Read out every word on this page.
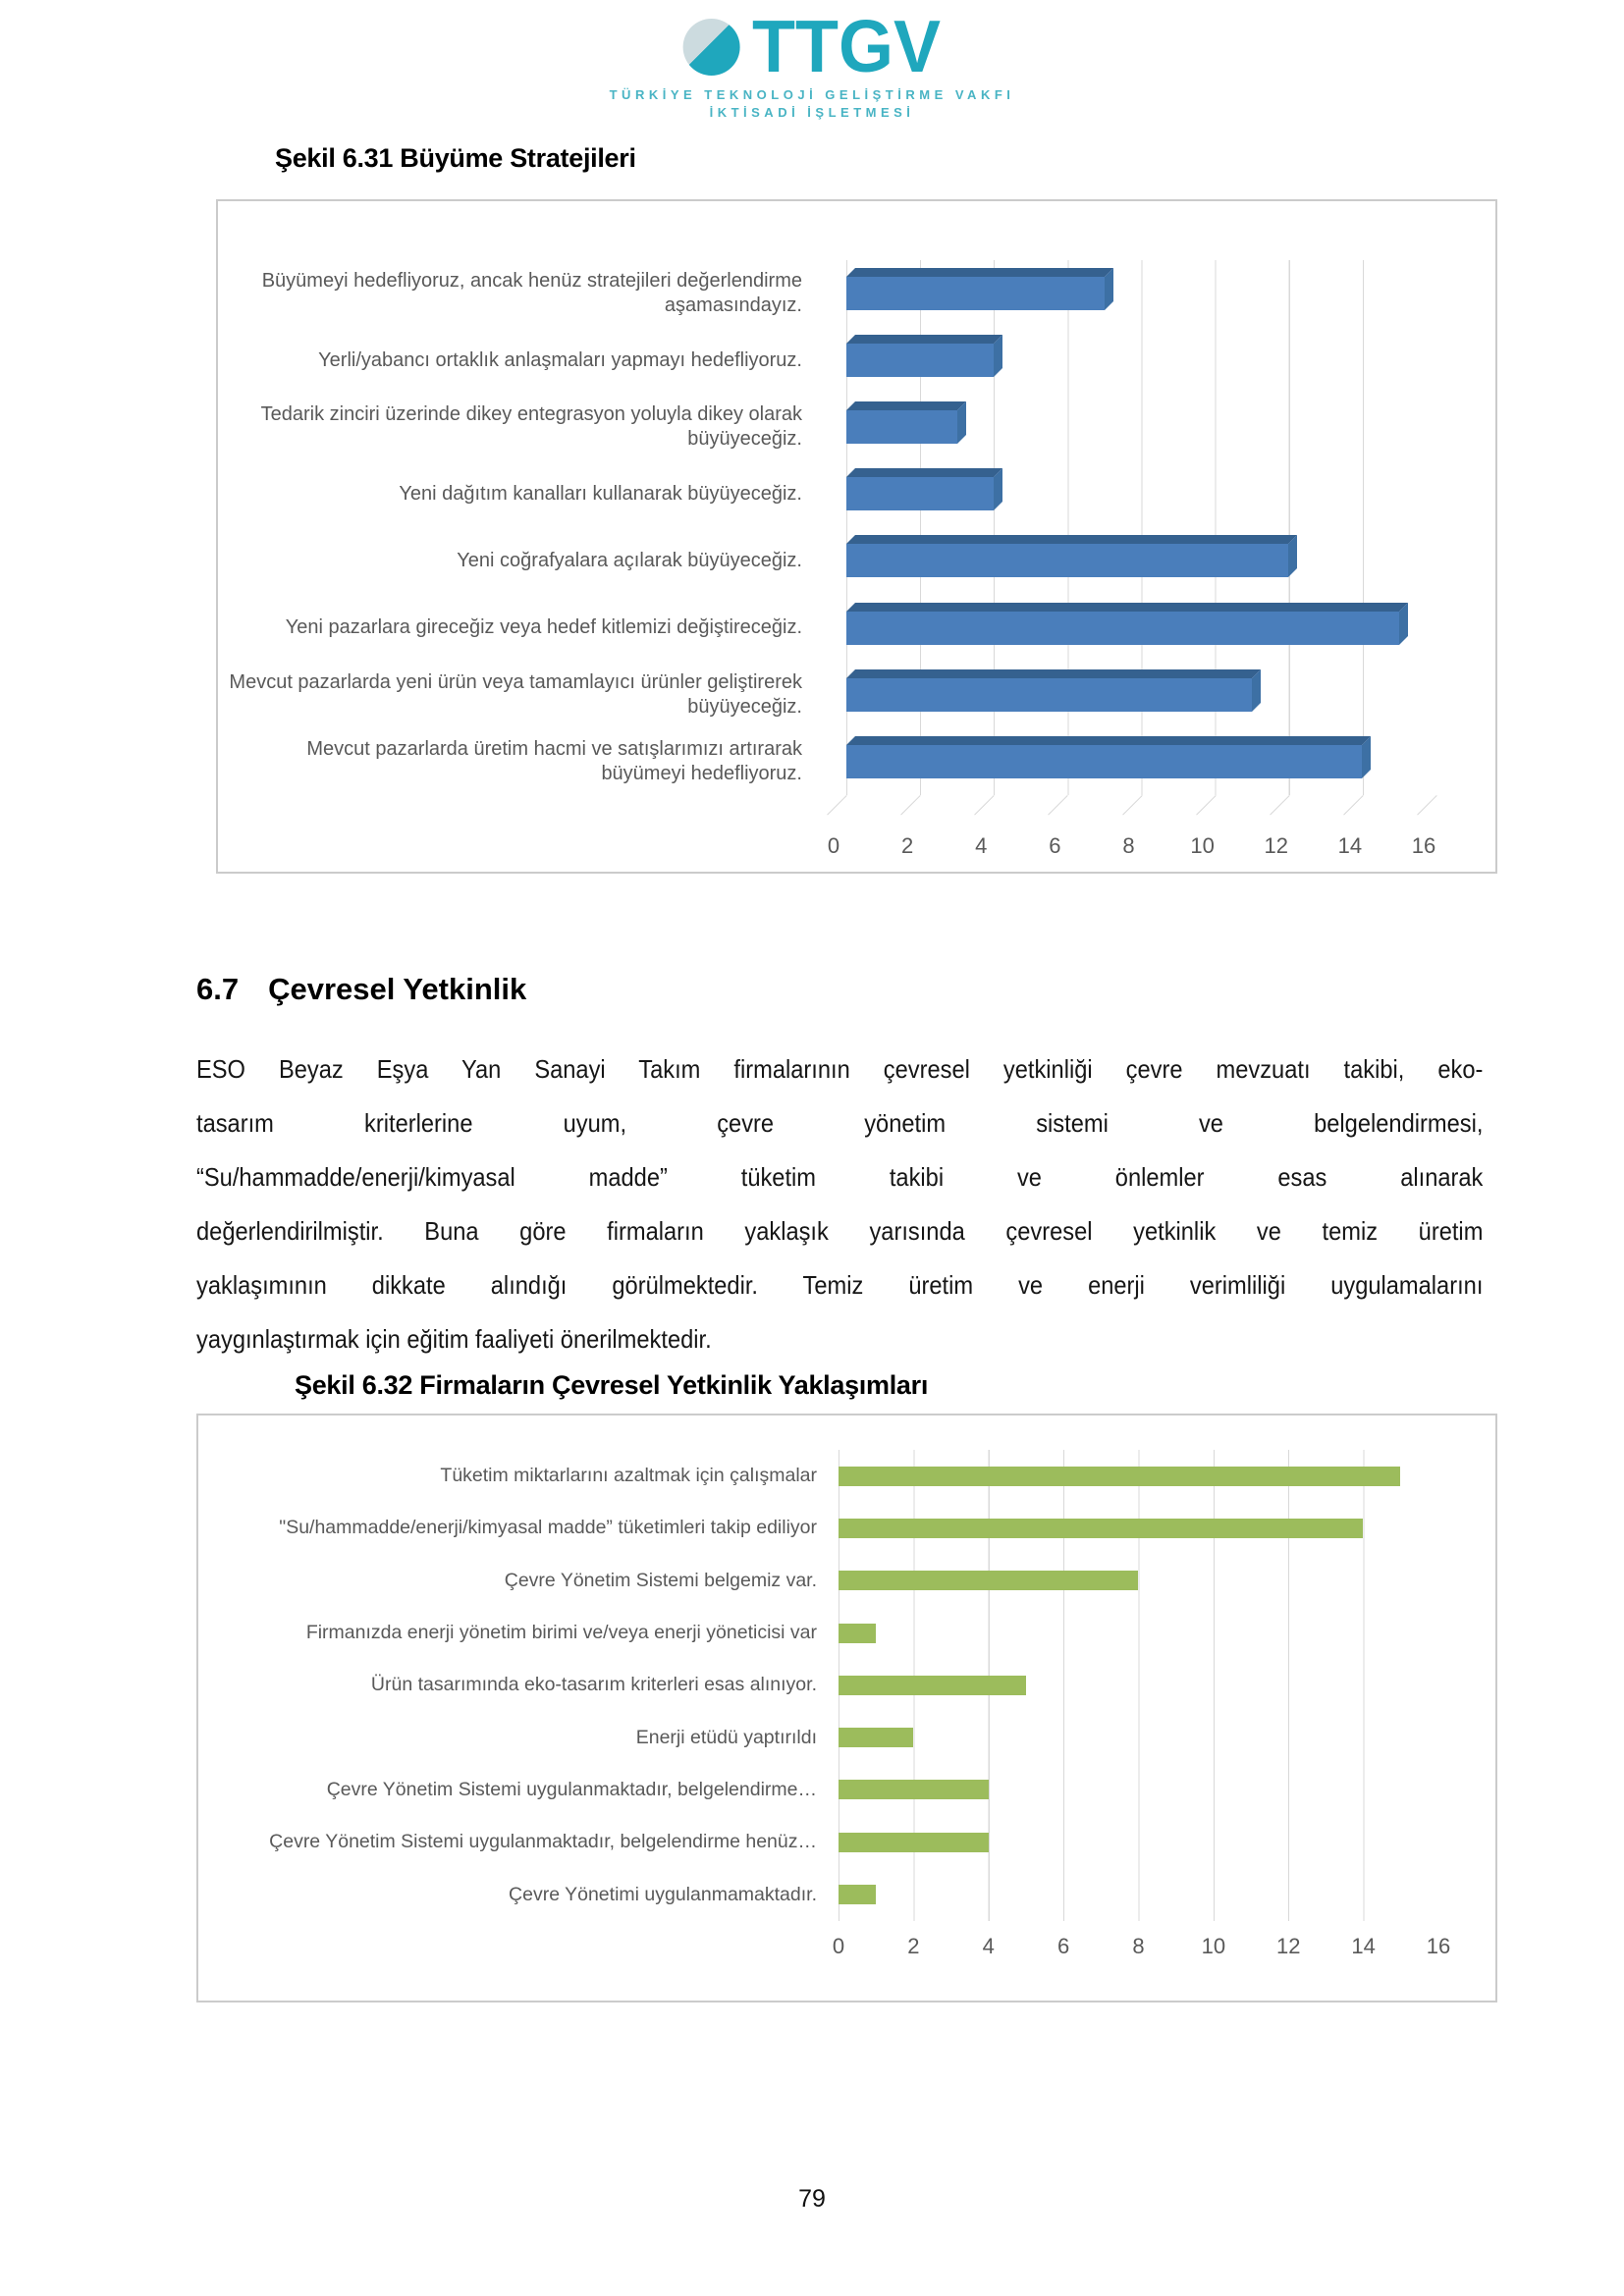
TTGV
TÜRKİYE TEKNOLOJİ GELİŞTİRME VAKFI
İKTİSADİ İŞLETMESİ
Şekil 6.31 Büyüme Stratejileri
Büyümeyi hedefliyoruz, ancak henüz stratejileri değerlendirme aşamasındayız.
Yerli/yabancı ortaklık anlaşmaları yapmayı hedefliyoruz.
Tedarik zinciri üzerinde dikey entegrasyon yoluyla dikey olarak büyüyeceğiz.
Yeni dağıtım kanalları kullanarak büyüyeceğiz.
Yeni coğrafyalara açılarak büyüyeceğiz.
Yeni pazarlara gireceğiz veya hedef kitlemizi değiştireceğiz.
Mevcut pazarlarda yeni ürün veya tamamlayıcı ürünler geliştirerek büyüyeceğiz.
Mevcut pazarlarda üretim hacmi ve satışlarımızı artırarak büyümeyi hedefliyoruz.
0	2	4	6	8	10 12 14 16
6.7 Çevresel Yetkinlik
ESO Beyaz Eşya Yan Sanayi Takım firmalarının çevresel yetkinliği çevre mevzuatı takibi, eko-
tasarım kriterlerine uyum, çevre yönetim sistemi ve belgelendirmesi,
“Su/hammadde/enerji/kimyasal madde” tüketim takibi ve önlemler esas alınarak
değerlendirilmiştir. Buna göre firmaların yaklaşık yarısında çevresel yetkinlik ve temiz üretim
yaklaşımının dikkate alındığı görülmektedir. Temiz üretim ve enerji verimliliği uygulamalarını
yaygınlaştırmak için eğitim faaliyeti önerilmektedir.
Şekil 6.32 Firmaların Çevresel Yetkinlik Yaklaşımları
Tüketim miktarlarını azaltmak için çalışmalar
"Su/hammadde/enerji/kimyasal madde” tüketimleri takip ediliyor
Çevre Yönetim Sistemi belgemiz var.
Firmanızda enerji yönetim birimi ve/veya enerji yöneticisi var
Ürün tasarımında eko-tasarım kriterleri esas alınıyor.
Enerji etüdü yaptırıldı
Çevre Yönetim Sistemi uygulanmaktadır, belgelendirme…
Çevre Yönetim Sistemi uygulanmaktadır, belgelendirme henüz…
Çevre Yönetimi uygulanmamaktadır.
0	2	4	6	8	10 12 14 16
79
